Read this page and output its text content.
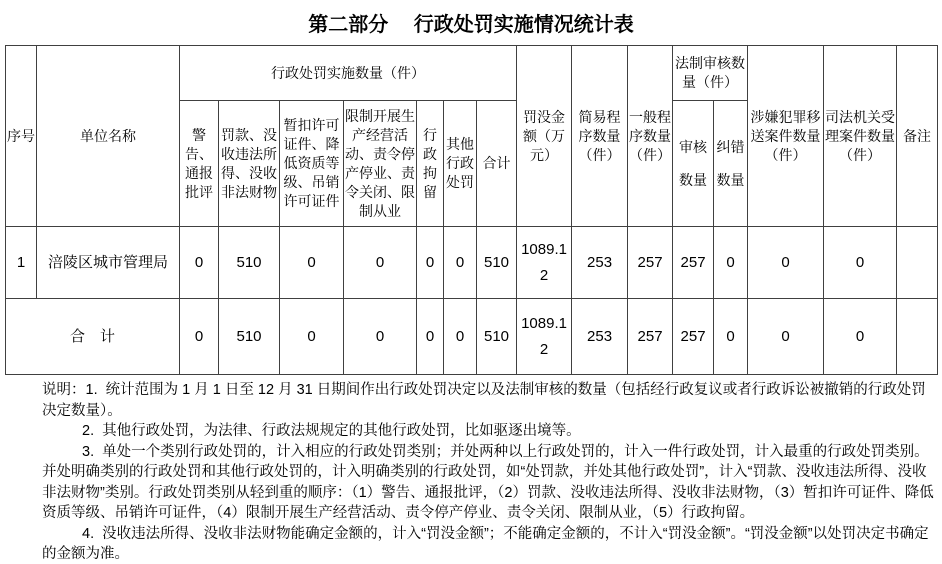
第二部分　 行政处罚实施情况统计表
序号	单位名称	行政处罚实施数量（件）							罚没金额（万元）	简易程序数量（件）	一般程序数量（件）	法制审核数量（件）		涉嫌犯罪移送案件数量（件）	司法机关受理案件数量（件）	备注
		警告、通报批评	罚款、没收违法所得、没收非法财物	暂扣许可证件、降低资质等级、吊销许可证件	限制开展生产经营活动、责令停产停业、责令关闭、限制从业	行政拘留	其他行政处罚	合计				审核数量	纠错数量			
1	涪陵区城市管理局	0	510	0	0	0	0	510	1089.12	253	257	257	0	0	0	
合　计		0	510	0	0	0	0	510	1089.12	253	257	257	0	0	0	

说明：1.  统计范围为 1 月 1 日至 12 月 31 日期间作出行政处罚决定以及法制审核的数量（包括经行政复议或者行政诉讼被撤销的行政处罚决定数量）。

2.  其他行政处罚，为法律、行政法规规定的其他行政处罚，比如驱逐出境等。

3.  单处一个类别行政处罚的，计入相应的行政处罚类别；并处两种以上行政处罚的，计入一件行政处罚，计入最重的行政处罚类别。并处明确类别的行政处罚和其他行政处罚的，计入明确类别的行政处罚，如“处罚款，并处其他行政处罚”，计入“罚款、没收违法所得、没收非法财物”类别。行政处罚类别从轻到重的顺序：（1）警告、通报批评，（2）罚款、没收违法所得、没收非法财物，（3）暂扣许可证件、降低资质等级、吊销许可证件，（4）限制开展生产经营活动、责令停产停业、责令关闭、限制从业，（5）行政拘留。

4.  没收违法所得、没收非法财物能确定金额的，计入“罚没金额”；不能确定金额的，不计入“罚没金额”。“罚没金额”以处罚决定书确定的金额为准。
